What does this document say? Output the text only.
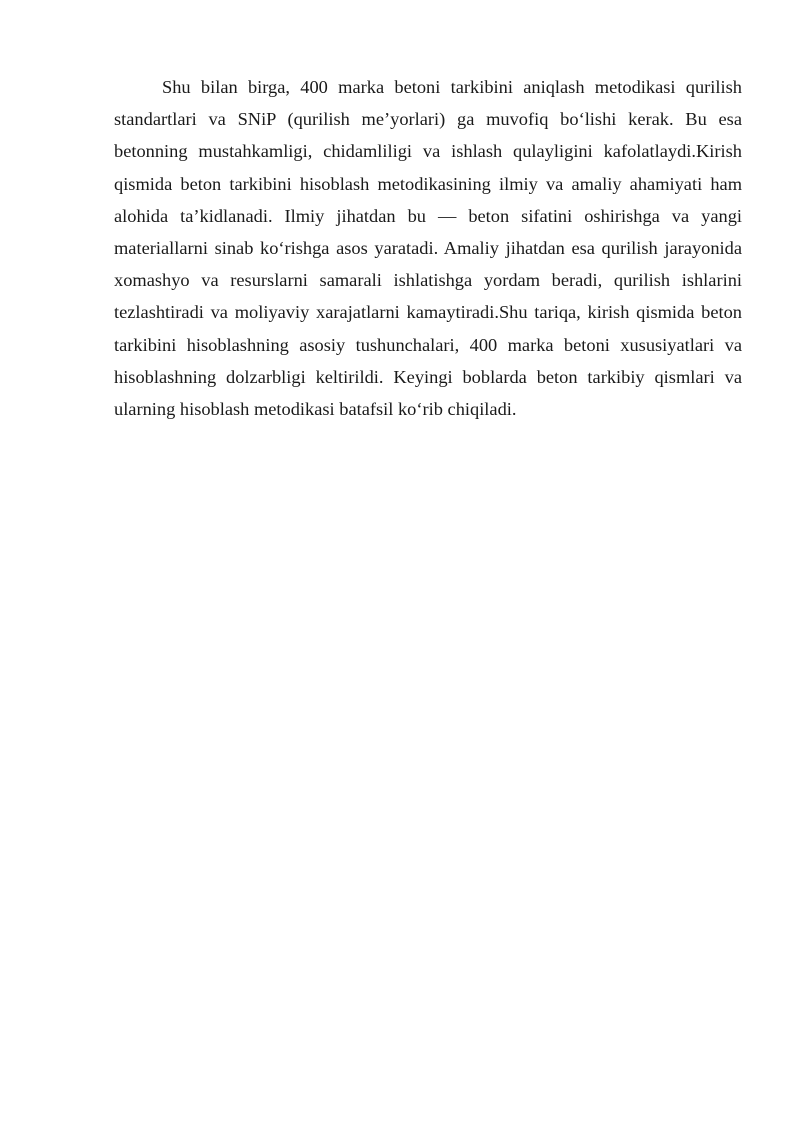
Shu bilan birga, 400 marka betoni tarkibini aniqlash metodikasi qurilish standartlari va SNiP (qurilish me’yorlari) ga muvofiq bo‘lishi kerak. Bu esa betonning mustahkamligi, chidamliligi va ishlash qulayligini kafolatlaydi.Kirish qismida beton tarkibini hisoblash metodikasining ilmiy va amaliy ahamiyati ham alohida ta’kidlanadi. Ilmiy jihatdan bu — beton sifatini oshirishga va yangi materiallarni sinab ko‘rishga asos yaratadi. Amaliy jihatdan esa qurilish jarayonida xomashyo va resurslarni samarali ishlatishga yordam beradi, qurilish ishlarini tezlashtiradi va moliyaviy xarajatlarni kamaytiradi.Shu tariqa, kirish qismida beton tarkibini hisoblashning asosiy tushunchalari, 400 marka betoni xususiyatlari va hisoblashning dolzarbligi keltirildi. Keyingi boblarda beton tarkibiy qismlari va ularning hisoblash metodikasi batafsil ko‘rib chiqiladi.
